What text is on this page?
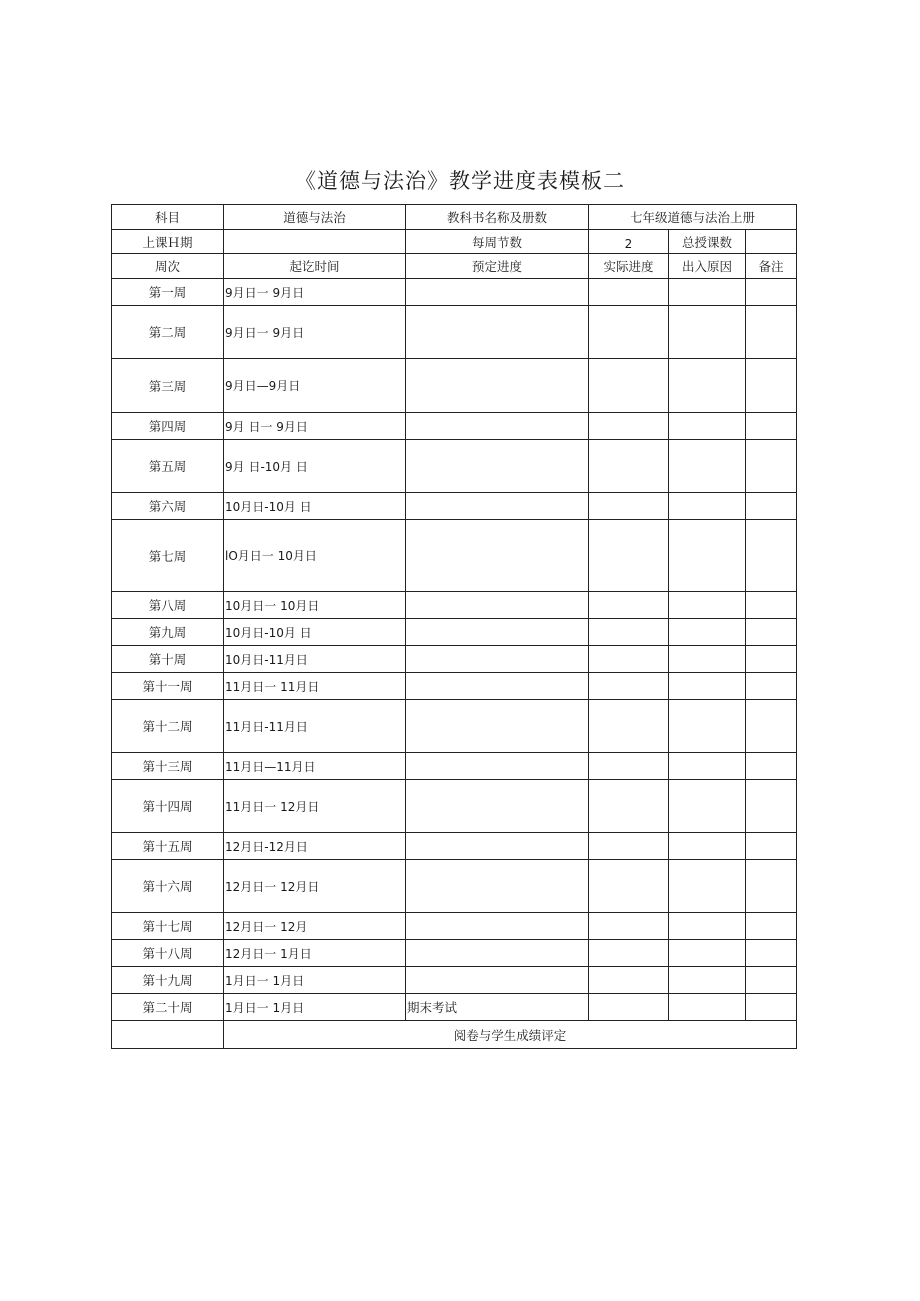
《道德与法治》教学进度表模板二
科目	道德与法治	教科书名称及册数	七年级道德与法治上册		
上课Ｈ期		每周节数	2	总授课数	
周次	起讫时间	预定进度	实际进度	出入原因	备注
第一周	9月日一 9月日				
第二周	9月日一 9月日				
第三周	9月日—9月日				
第四周	9月 日一 9月日				
第五周	9月 日-10月 日				
第六周	10月日-10月 日				
第七周	lO月日一 10月日				
第八周	10月日一 10月日				
第九周	10月日-10月 日				
第十周	10月日-11月日				
第十一周	11月日一 11月日				
第十二周	11月日-11月日				
第十三周	11月日—11月日				
第十四周	11月日一 12月日				
第十五周	12月日-12月日				
第十六周	12月日一 12月日				
第十七周	12月日一 12月				
第十八周	12月日一 1月日				
第十九周	1月日一 1月日				
第二十周	1月日一 1月日	期末考试			
	阅卷与学生成绩评定				
